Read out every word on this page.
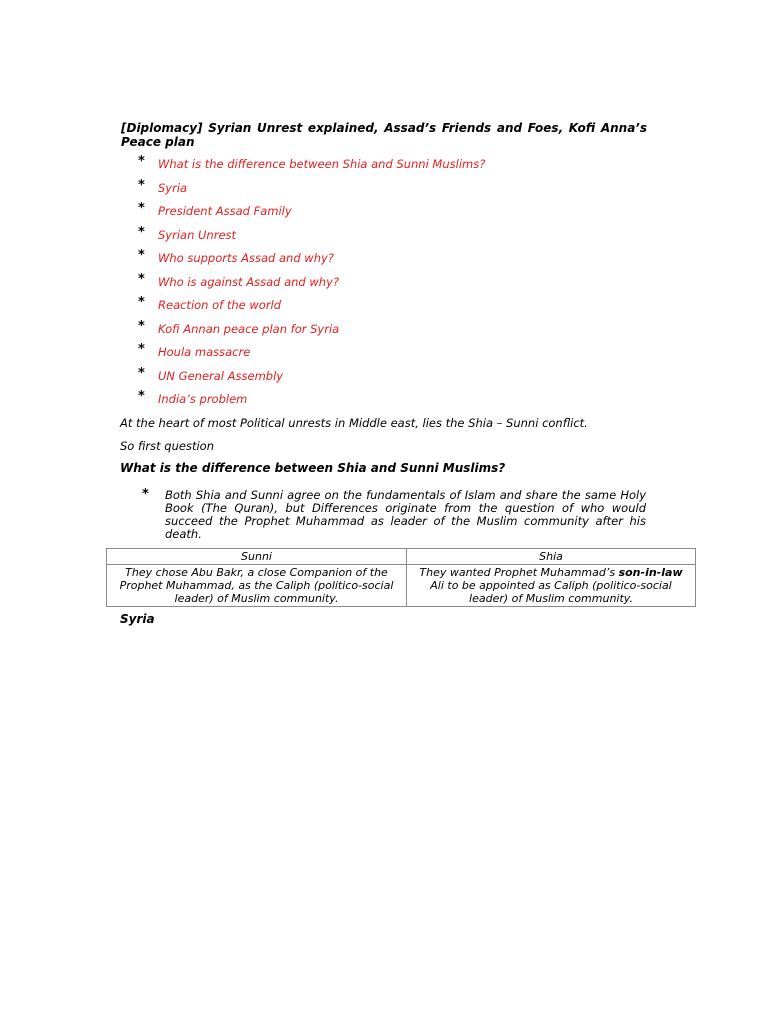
[Diplomacy] Syrian Unrest explained, Assad’s Friends and Foes, Kofi Anna’s Peace plan
* What is the difference between Shia and Sunni Muslims?
* Syria
* President Assad Family
* Syrian Unrest
* Who supports Assad and why?
* Who is against Assad and why?
* Reaction of the world
* Kofi Annan peace plan for Syria
* Houla massacre
* UN General Assembly
* India’s problem
At the heart of most Political unrests in Middle east, lies the Shia – Sunni conflict.
So first question
What is the difference between Shia and Sunni Muslims?
* Both Shia and Sunni agree on the fundamentals of Islam and share the same Holy Book (The Quran), but Differences originate from the question of who would succeed the Prophet Muhammad as leader of the Muslim community after his death.
Sunni	Shia
They chose Abu Bakr, a close Companion of the Prophet Muhammad, as the Caliph (politico-social leader) of Muslim community.	They wanted Prophet Muhammad’s son-in-law Ali to be appointed as Caliph (politico-social leader) of Muslim community.
Syria
